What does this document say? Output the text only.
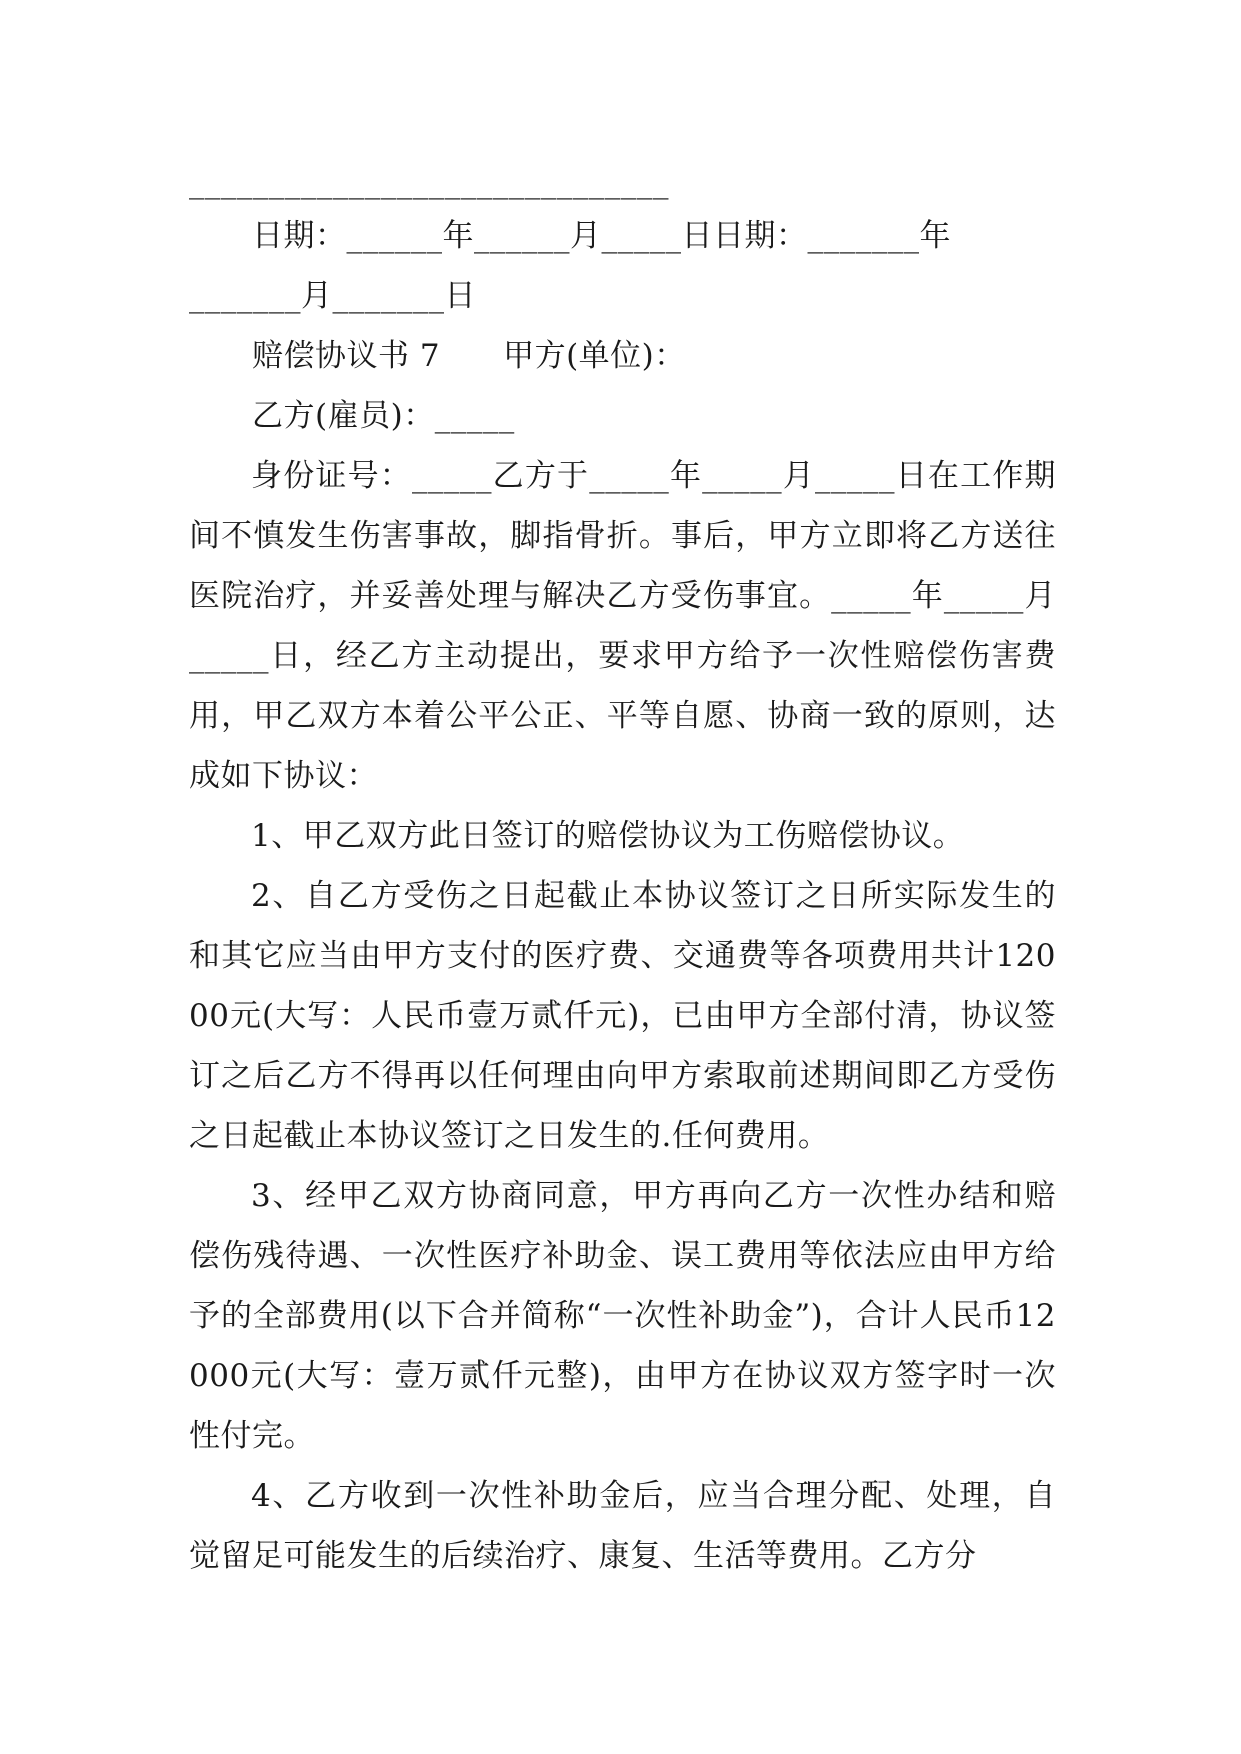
______________________________
　　日期：______年______月_____日日期：_______年
_______月_______日
　　赔偿协议书 7　　甲方(单位)：
　　乙方(雇员)：_____

身份证号：_____乙方于_____年_____月_____日在工作期间不慎发生伤害事故，脚指骨折。事后，甲方立即将乙方送往医院治疗，并妥善处理与解决乙方受伤事宜。_____年_____月_____日，经乙方主动提出，要求甲方给予一次性赔偿伤害费用，甲乙双方本着公平公正、平等自愿、协商一致的原则，达成如下协议：

1、甲乙双方此日签订的赔偿协议为工伤赔偿协议。

2、自乙方受伤之日起截止本协议签订之日所实际发生的和其它应当由甲方支付的医疗费、交通费等各项费用共计12000元(大写：人民币壹万贰仟元)，已由甲方全部付清，协议签订之后乙方不得再以任何理由向甲方索取前述期间即乙方受伤之日起截止本协议签订之日发生的.任何费用。

3、经甲乙双方协商同意，甲方再向乙方一次性办结和赔偿伤残待遇、一次性医疗补助金、误工费用等依法应由甲方给予的全部费用(以下合并简称“一次性补助金”)，合计人民币12000元(大写：壹万贰仟元整)，由甲方在协议双方签字时一次性付完。

4、乙方收到一次性补助金后，应当合理分配、处理，自觉留足可能发生的后续治疗、康复、生活等费用。乙方分
